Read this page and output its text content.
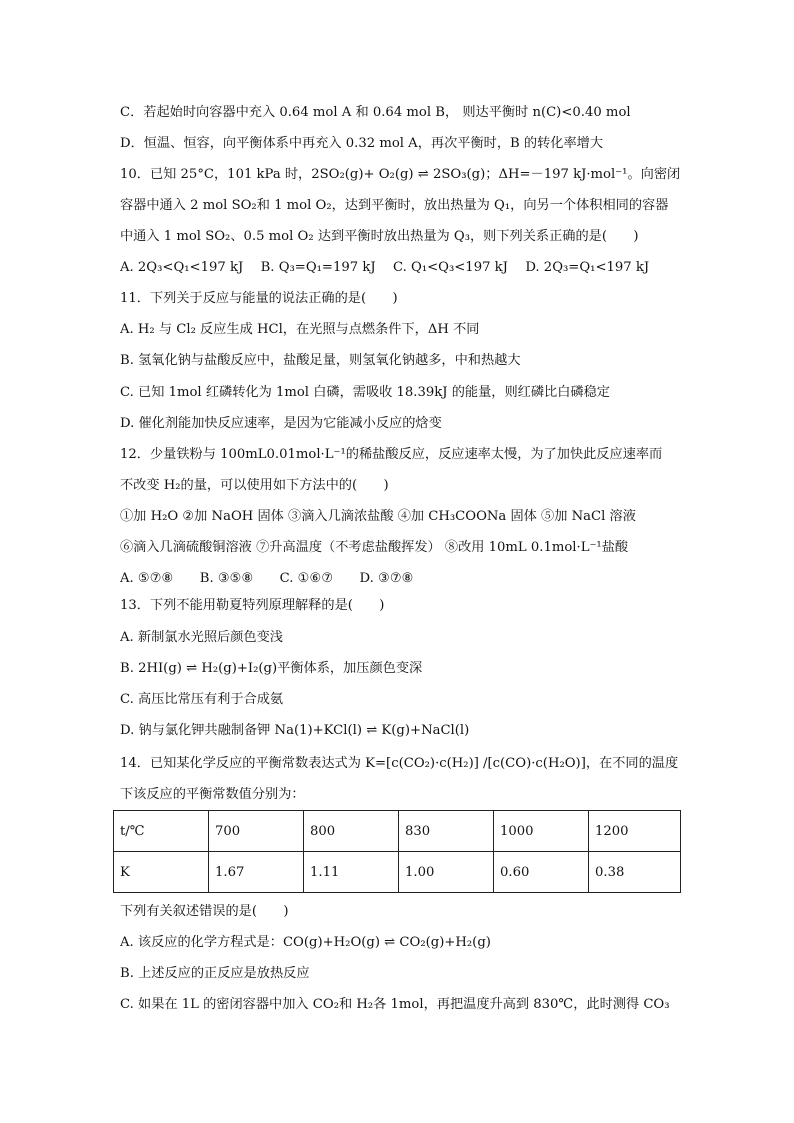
C．若起始时向容器中充入 0.64 mol A 和 0.64 mol B， 则达平衡时 n(C)<0.40 mol
D．恒温、恒容，向平衡体系中再充入 0.32 mol A，再次平衡时，B 的转化率增大
10．已知 25°C，101 kPa 时，2SO₂(g)+ O₂(g) ⇌ 2SO₃(g)；ΔH=－197 kJ·mol⁻¹。向密闭
容器中通入 2 mol SO₂和 1 mol O₂，达到平衡时，放出热量为 Q₁，向另一个体积相同的容器
中通入 1 mol SO₂、0.5 mol O₂ 达到平衡时放出热量为 Q₃，则下列关系正确的是(　　)
A. 2Q₃<Q₁<197 kJ　 B. Q₃=Q₁=197 kJ　 C. Q₁<Q₃<197 kJ　 D. 2Q₃=Q₁<197 kJ
11．下列关于反应与能量的说法正确的是(　　)
A. H₂ 与 Cl₂ 反应生成 HCl，在光照与点燃条件下，ΔH 不同
B. 氢氧化钠与盐酸反应中，盐酸足量，则氢氧化钠越多，中和热越大
C. 已知 1mol 红磷转化为 1mol 白磷，需吸收 18.39kJ 的能量，则红磷比白磷稳定
D. 催化剂能加快反应速率，是因为它能减小反应的焓变
12．少量铁粉与 100mL0.01mol·L⁻¹的稀盐酸反应，反应速率太慢，为了加快此反应速率而
不改变 H₂的量，可以使用如下方法中的(　　)
①加 H₂O ②加 NaOH 固体 ③滴入几滴浓盐酸 ④加 CH₃COONa 固体 ⑤加 NaCl 溶液
⑥滴入几滴硫酸铜溶液 ⑦升高温度（不考虑盐酸挥发） ⑧改用 10mL 0.1mol·L⁻¹盐酸
A. ⑤⑦⑧　　B. ③⑤⑧　　C. ①⑥⑦　　D. ③⑦⑧
13．下列不能用勒夏特列原理解释的是(　　)
A. 新制氯水光照后颜色变浅
B. 2HI(g) ⇌ H₂(g)+I₂(g)平衡体系，加压颜色变深
C. 高压比常压有利于合成氨
D. 钠与氯化钾共融制备钾 Na(1)+KCl(l) ⇌ K(g)+NaCl(l)
14．已知某化学反应的平衡常数表达式为 K=[c(CO₂)·c(H₂)] /[c(CO)·c(H₂O)]，在不同的温度
下该反应的平衡常数值分别为：
t/℃	700	800	830	1000	1200
K	1.67	1.11	1.00	0.60	0.38
下列有关叙述错误的是(　　)
A. 该反应的化学方程式是：CO(g)+H₂O(g) ⇌ CO₂(g)+H₂(g)
B. 上述反应的正反应是放热反应
C. 如果在 1L 的密闭容器中加入 CO₂和 H₂各 1mol，再把温度升高到 830℃，此时测得 CO₃
